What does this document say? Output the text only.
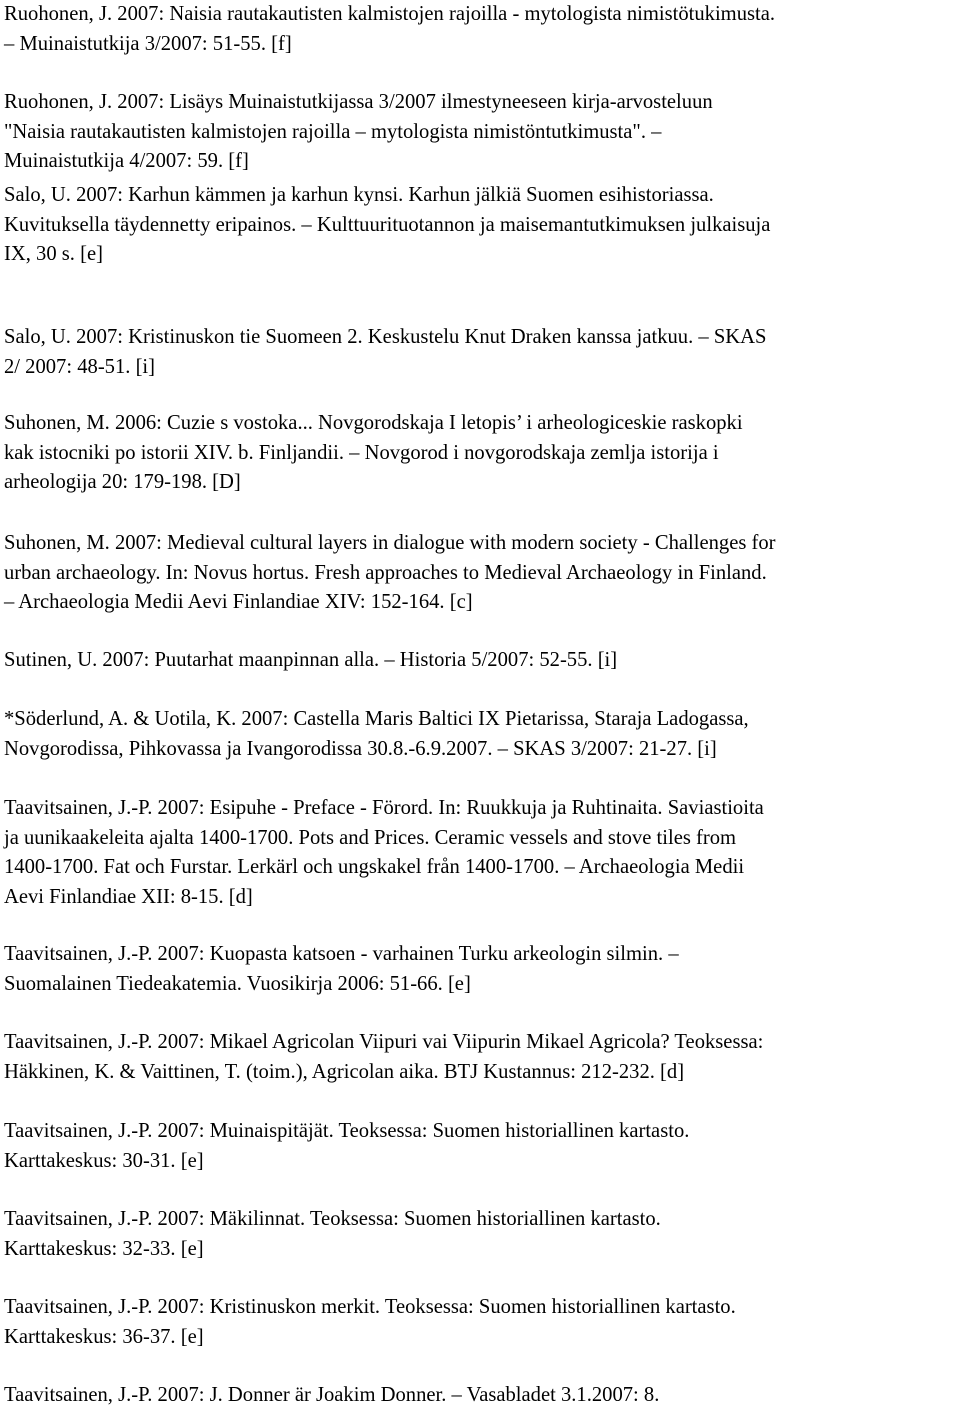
Ruohonen, J. 2007: Naisia rautakautisten kalmistojen rajoilla - mytologista nimistötukimusta.
– Muinaistutkija 3/2007: 51-55. [f]
Ruohonen, J. 2007: Lisäys Muinaistutkijassa 3/2007 ilmestyneeseen kirja-arvosteluun
"Naisia rautakautisten kalmistojen rajoilla – mytologista nimistöntutkimusta". –
Muinaistutkija 4/2007: 59. [f]
Salo, U. 2007: Karhun kämmen ja karhun kynsi. Karhun jälkiä Suomen esihistoriassa.
Kuvituksella täydennetty eripainos. – Kulttuurituotannon ja maisemantutkimuksen julkaisuja
IX, 30 s. [e]
Salo, U. 2007: Kristinuskon tie Suomeen 2. Keskustelu Knut Draken kanssa jatkuu. – SKAS
2/ 2007: 48-51. [i]
Suhonen, M. 2006: Cuzie s vostoka... Novgorodskaja I letopis’ i arheologiceskie raskopki
kak istocniki po istorii XIV. b. Finljandii. – Novgorod i novgorodskaja zemlja istorija i
arheologija 20: 179-198. [D]
Suhonen, M. 2007: Medieval cultural layers in dialogue with modern society - Challenges for
urban archaeology. In: Novus hortus. Fresh approaches to Medieval Archaeology in Finland.
– Archaeologia Medii Aevi Finlandiae XIV: 152-164. [c]
Sutinen, U. 2007: Puutarhat maanpinnan alla. – Historia 5/2007: 52-55. [i]
*Söderlund, A. & Uotila, K. 2007: Castella Maris Baltici IX Pietarissa, Staraja Ladogassa,
Novgorodissa, Pihkovassa ja Ivangorodissa 30.8.-6.9.2007. – SKAS 3/2007: 21-27. [i]
Taavitsainen, J.-P. 2007: Esipuhe - Preface - Förord. In: Ruukkuja ja Ruhtinaita. Saviastioita
ja uunikaakeleita ajalta 1400-1700. Pots and Prices. Ceramic vessels and stove tiles from
1400-1700. Fat och Furstar. Lerkärl och ungskakel från 1400-1700. – Archaeologia Medii
Aevi Finlandiae XII: 8-15. [d]
Taavitsainen, J.-P. 2007: Kuopasta katsoen - varhainen Turku arkeologin silmin. –
Suomalainen Tiedeakatemia. Vuosikirja 2006: 51-66. [e]
Taavitsainen, J.-P. 2007: Mikael Agricolan Viipuri vai Viipurin Mikael Agricola? Teoksessa:
Häkkinen, K. & Vaittinen, T. (toim.), Agricolan aika. BTJ Kustannus: 212-232. [d]
Taavitsainen, J.-P. 2007: Muinaispitäjät. Teoksessa: Suomen historiallinen kartasto.
Karttakeskus: 30-31. [e]
Taavitsainen, J.-P. 2007: Mäkilinnat. Teoksessa: Suomen historiallinen kartasto.
Karttakeskus: 32-33. [e]
Taavitsainen, J.-P. 2007: Kristinuskon merkit. Teoksessa: Suomen historiallinen kartasto.
Karttakeskus: 36-37. [e]
Taavitsainen, J.-P. 2007: J. Donner är Joakim Donner. – Vasabladet 3.1.2007: 8.
